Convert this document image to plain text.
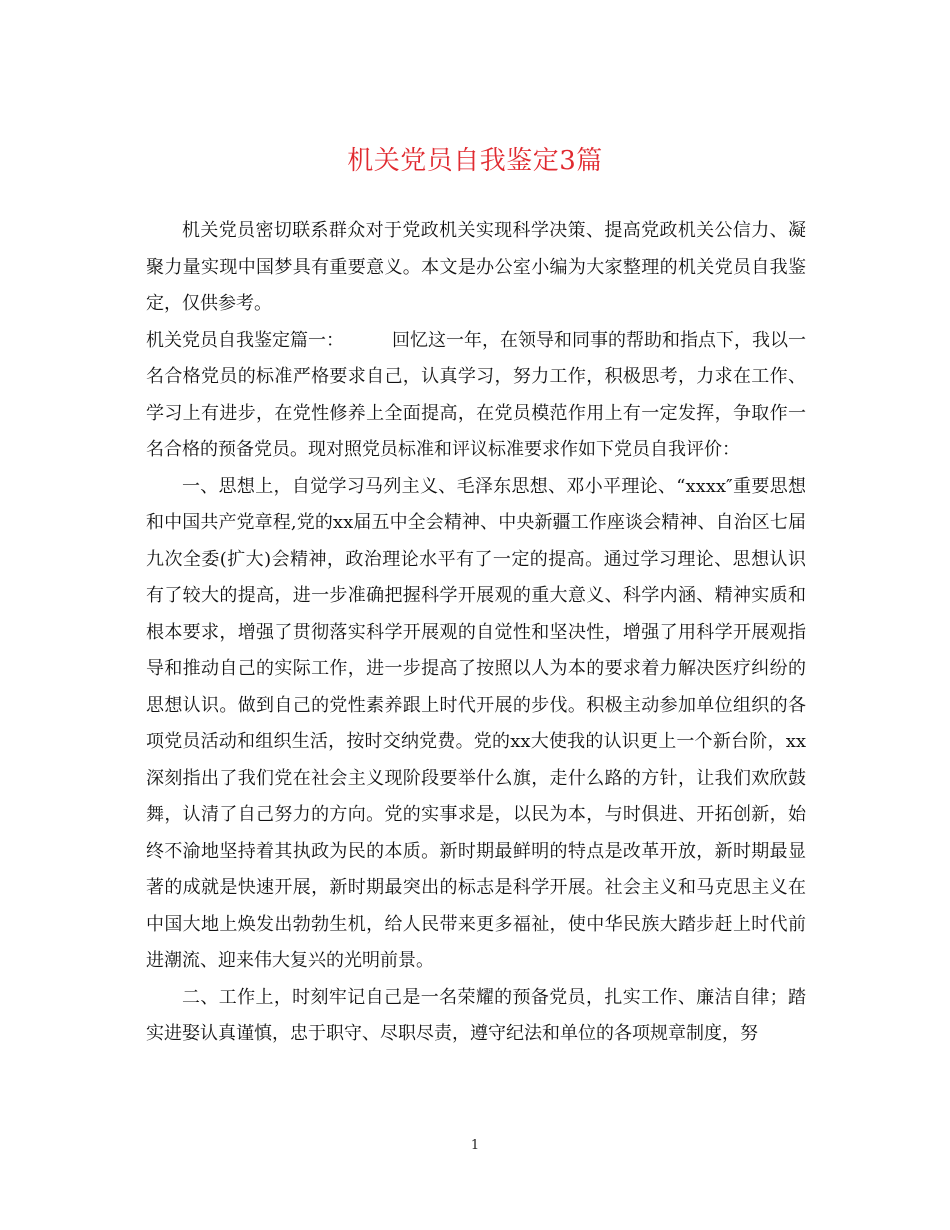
机关党员自我鉴定3篇

机关党员密切联系群众对于党政机关实现科学决策、提高党政机关公信力、凝聚力量实现中国梦具有重要意义。本文是办公室小编为大家整理的机关党员自我鉴定，仅供参考。

机关党员自我鉴定篇一：	回忆这一年，在领导和同事的帮助和指点下，我以一名合格党员的标准严格要求自己，认真学习，努力工作，积极思考，力求在工作、学习上有进步，在党性修养上全面提高，在党员模范作用上有一定发挥，争取作一名合格的预备党员。现对照党员标准和评议标准要求作如下党员自我评价：

一、思想上，自觉学习马列主义、毛泽东思想、邓小平理论、“xxxx″重要思想和中国共产党章程,党的xx届五中全会精神、中央新疆工作座谈会精神、自治区七届九次全委(扩大)会精神，政治理论水平有了一定的提高。通过学习理论、思想认识有了较大的提高，进一步准确把握科学开展观的重大意义、科学内涵、精神实质和根本要求，增强了贯彻落实科学开展观的自觉性和坚决性，增强了用科学开展观指导和推动自己的实际工作，进一步提高了按照以人为本的要求着力解决医疗纠纷的思想认识。做到自己的党性素养跟上时代开展的步伐。积极主动参加单位组织的各项党员活动和组织生活，按时交纳党费。党的xx大使我的认识更上一个新台阶，xx深刻指出了我们党在社会主义现阶段要举什么旗，走什么路的方针，让我们欢欣鼓舞，认清了自己努力的方向。党的实事求是，以民为本，与时俱进、开拓创新，始终不渝地坚持着其执政为民的本质。新时期最鲜明的特点是改革开放，新时期最显著的成就是快速开展，新时期最突出的标志是科学开展。社会主义和马克思主义在中国大地上焕发出勃勃生机，给人民带来更多福祉，使中华民族大踏步赶上时代前进潮流、迎来伟大复兴的光明前景。

二、工作上，时刻牢记自己是一名荣耀的预备党员，扎实工作、廉洁自律；踏实进娶认真谨慎，忠于职守、尽职尽责，遵守纪法和单位的各项规章制度，努

1
